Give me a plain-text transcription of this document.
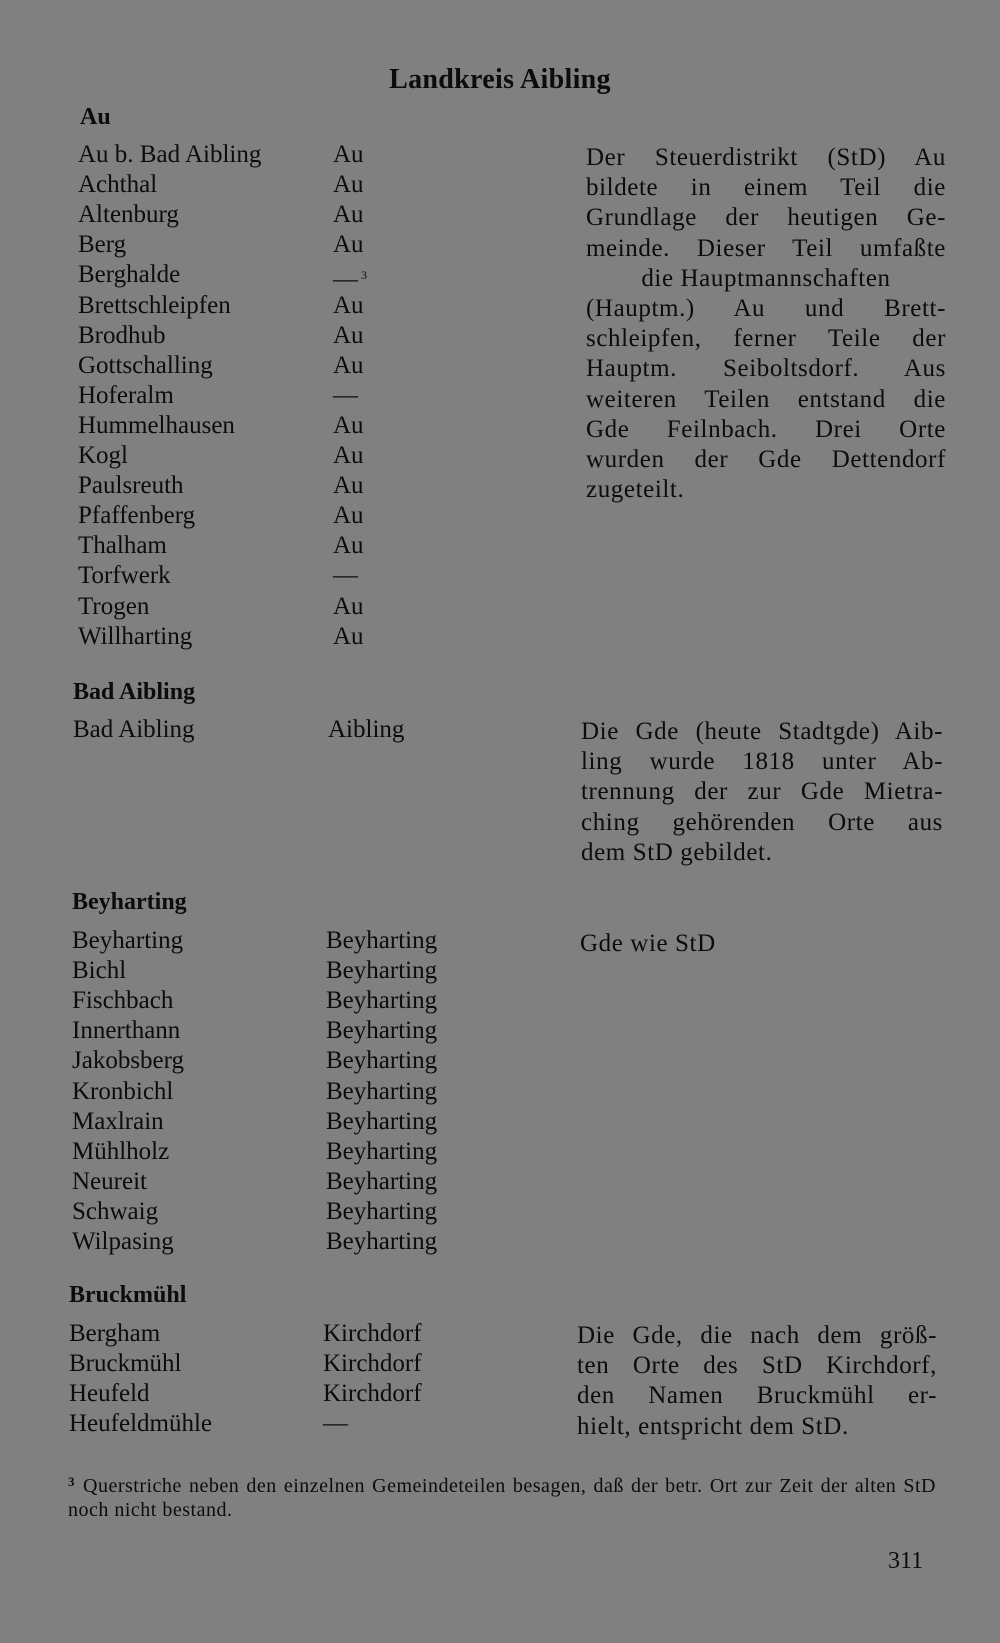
Landkreis Aibling
Au
Au b. Bad Aibling	Au
Achthal	Au
Altenburg	Au
Berg	Au
Berghalde	— $^3$
Brettschleipfen	Au
Brodhub	Au
Gottschalling	Au
Hoferalm	—
Hummelhausen	Au
Kogl	Au
Paulsreuth	Au
Pfaffenberg	Au
Thalham	Au
Torfwerk	—
Trogen	Au
Willharting	Au
Der Steuerdistrikt (StD) Au
bildete in einem Teil die
Grundlage der heutigen Ge-
meinde. Dieser Teil umfaßte
die Hauptmannschaften
(Hauptm.) Au und Brett-
schleipfen, ferner Teile der
Hauptm. Seiboltsdorf. Aus
weiteren Teilen entstand die
Gde Feilnbach. Drei Orte
wurden der Gde Dettendorf
zugeteilt.
Bad Aibling
Bad Aibling	Aibling	Die Gde (heute Stadtgde) Aib-
ling wurde 1818 unter Ab-
trennung der zur Gde Mietra-
ching gehörenden Orte aus
dem StD gebildet.
Beyharting
Beyharting	Beyharting
Bichl	Beyharting
Fischbach	Beyharting
Innerthann	Beyharting
Jakobsberg	Beyharting
Kronbichl	Beyharting
Maxlrain	Beyharting
Mühlholz	Beyharting
Neureit	Beyharting
Schwaig	Beyharting
Wilpasing	Beyharting
Gde wie StD
Bruckmühl
Bergham	Kirchdorf
Bruckmühl	Kirchdorf
Heufeld	Kirchdorf
Heufeldmühle	—
Die Gde, die nach dem größ-
ten Orte des StD Kirchdorf,
den Namen Bruckmühl er-
hielt, entspricht dem StD.
$^3$ Querstriche neben den einzelnen Gemeindeteilen besagen, daß der betr. Ort zur Zeit der alten StD noch nicht bestand.
311
